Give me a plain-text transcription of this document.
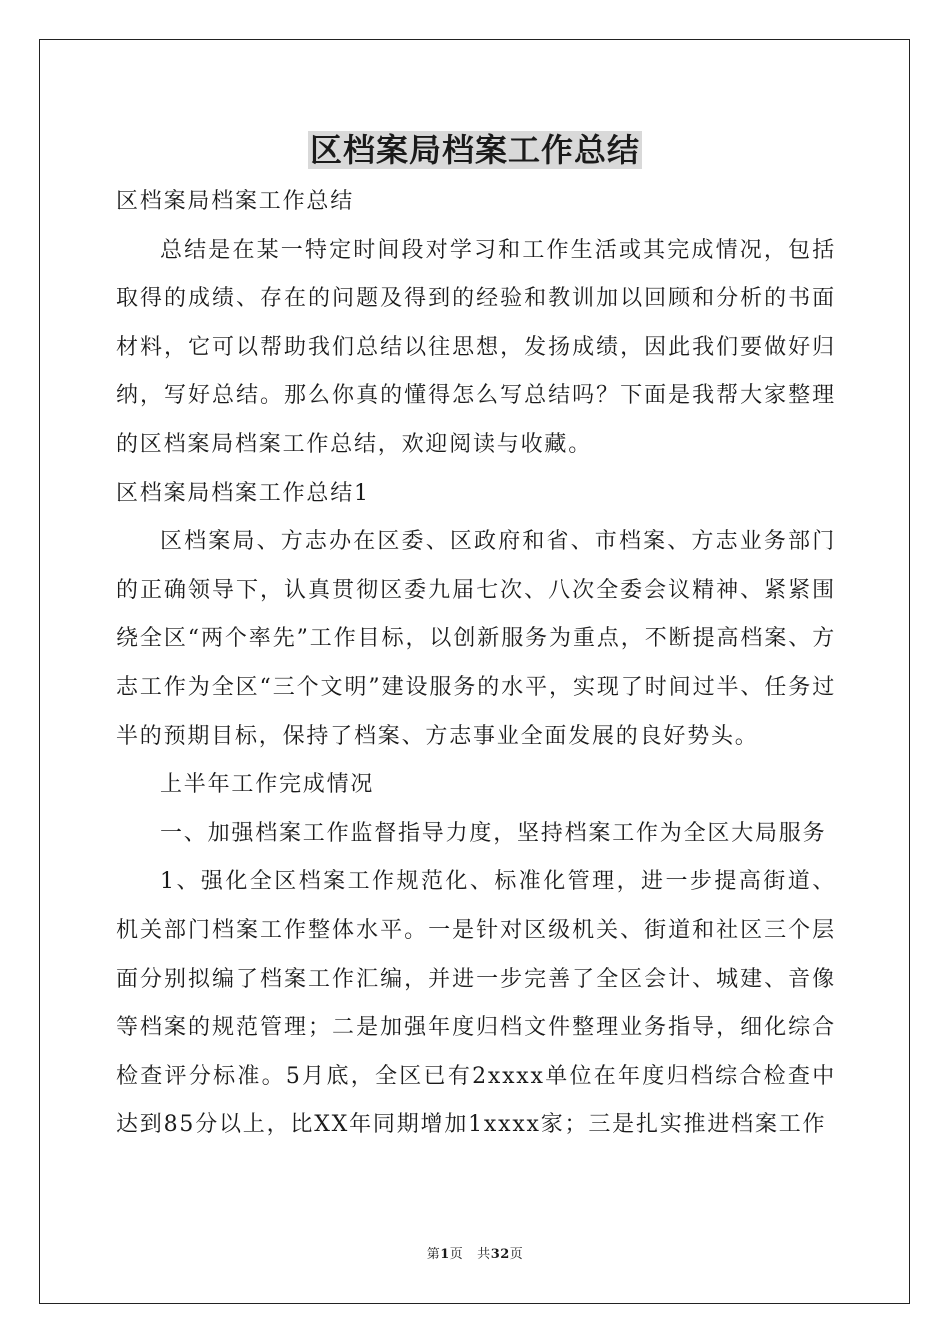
区档案局档案工作总结

区档案局档案工作总结

总结是在某一特定时间段对学习和工作生活或其完成情况，包括取得的成绩、存在的问题及得到的经验和教训加以回顾和分析的书面材料，它可以帮助我们总结以往思想，发扬成绩，因此我们要做好归纳，写好总结。那么你真的懂得怎么写总结吗？下面是我帮大家整理的区档案局档案工作总结，欢迎阅读与收藏。

区档案局档案工作总结1

区档案局、方志办在区委、区政府和省、市档案、方志业务部门的正确领导下，认真贯彻区委九届七次、八次全委会议精神、紧紧围绕全区“两个率先”工作目标，以创新服务为重点，不断提高档案、方志工作为全区“三个文明”建设服务的水平，实现了时间过半、任务过半的预期目标，保持了档案、方志事业全面发展的良好势头。

上半年工作完成情况

一、加强档案工作监督指导力度，坚持档案工作为全区大局服务

1、强化全区档案工作规范化、标准化管理，进一步提高街道、机关部门档案工作整体水平。一是针对区级机关、街道和社区三个层面分别拟编了档案工作汇编，并进一步完善了全区会计、城建、音像等档案的规范管理；二是加强年度归档文件整理业务指导，细化综合检查评分标准。5月底，全区已有2xxxx单位在年度归档综合检查中达到85分以上，比XX年同期增加1xxxx家；三是扎实推进档案工作

第1页 共32页
